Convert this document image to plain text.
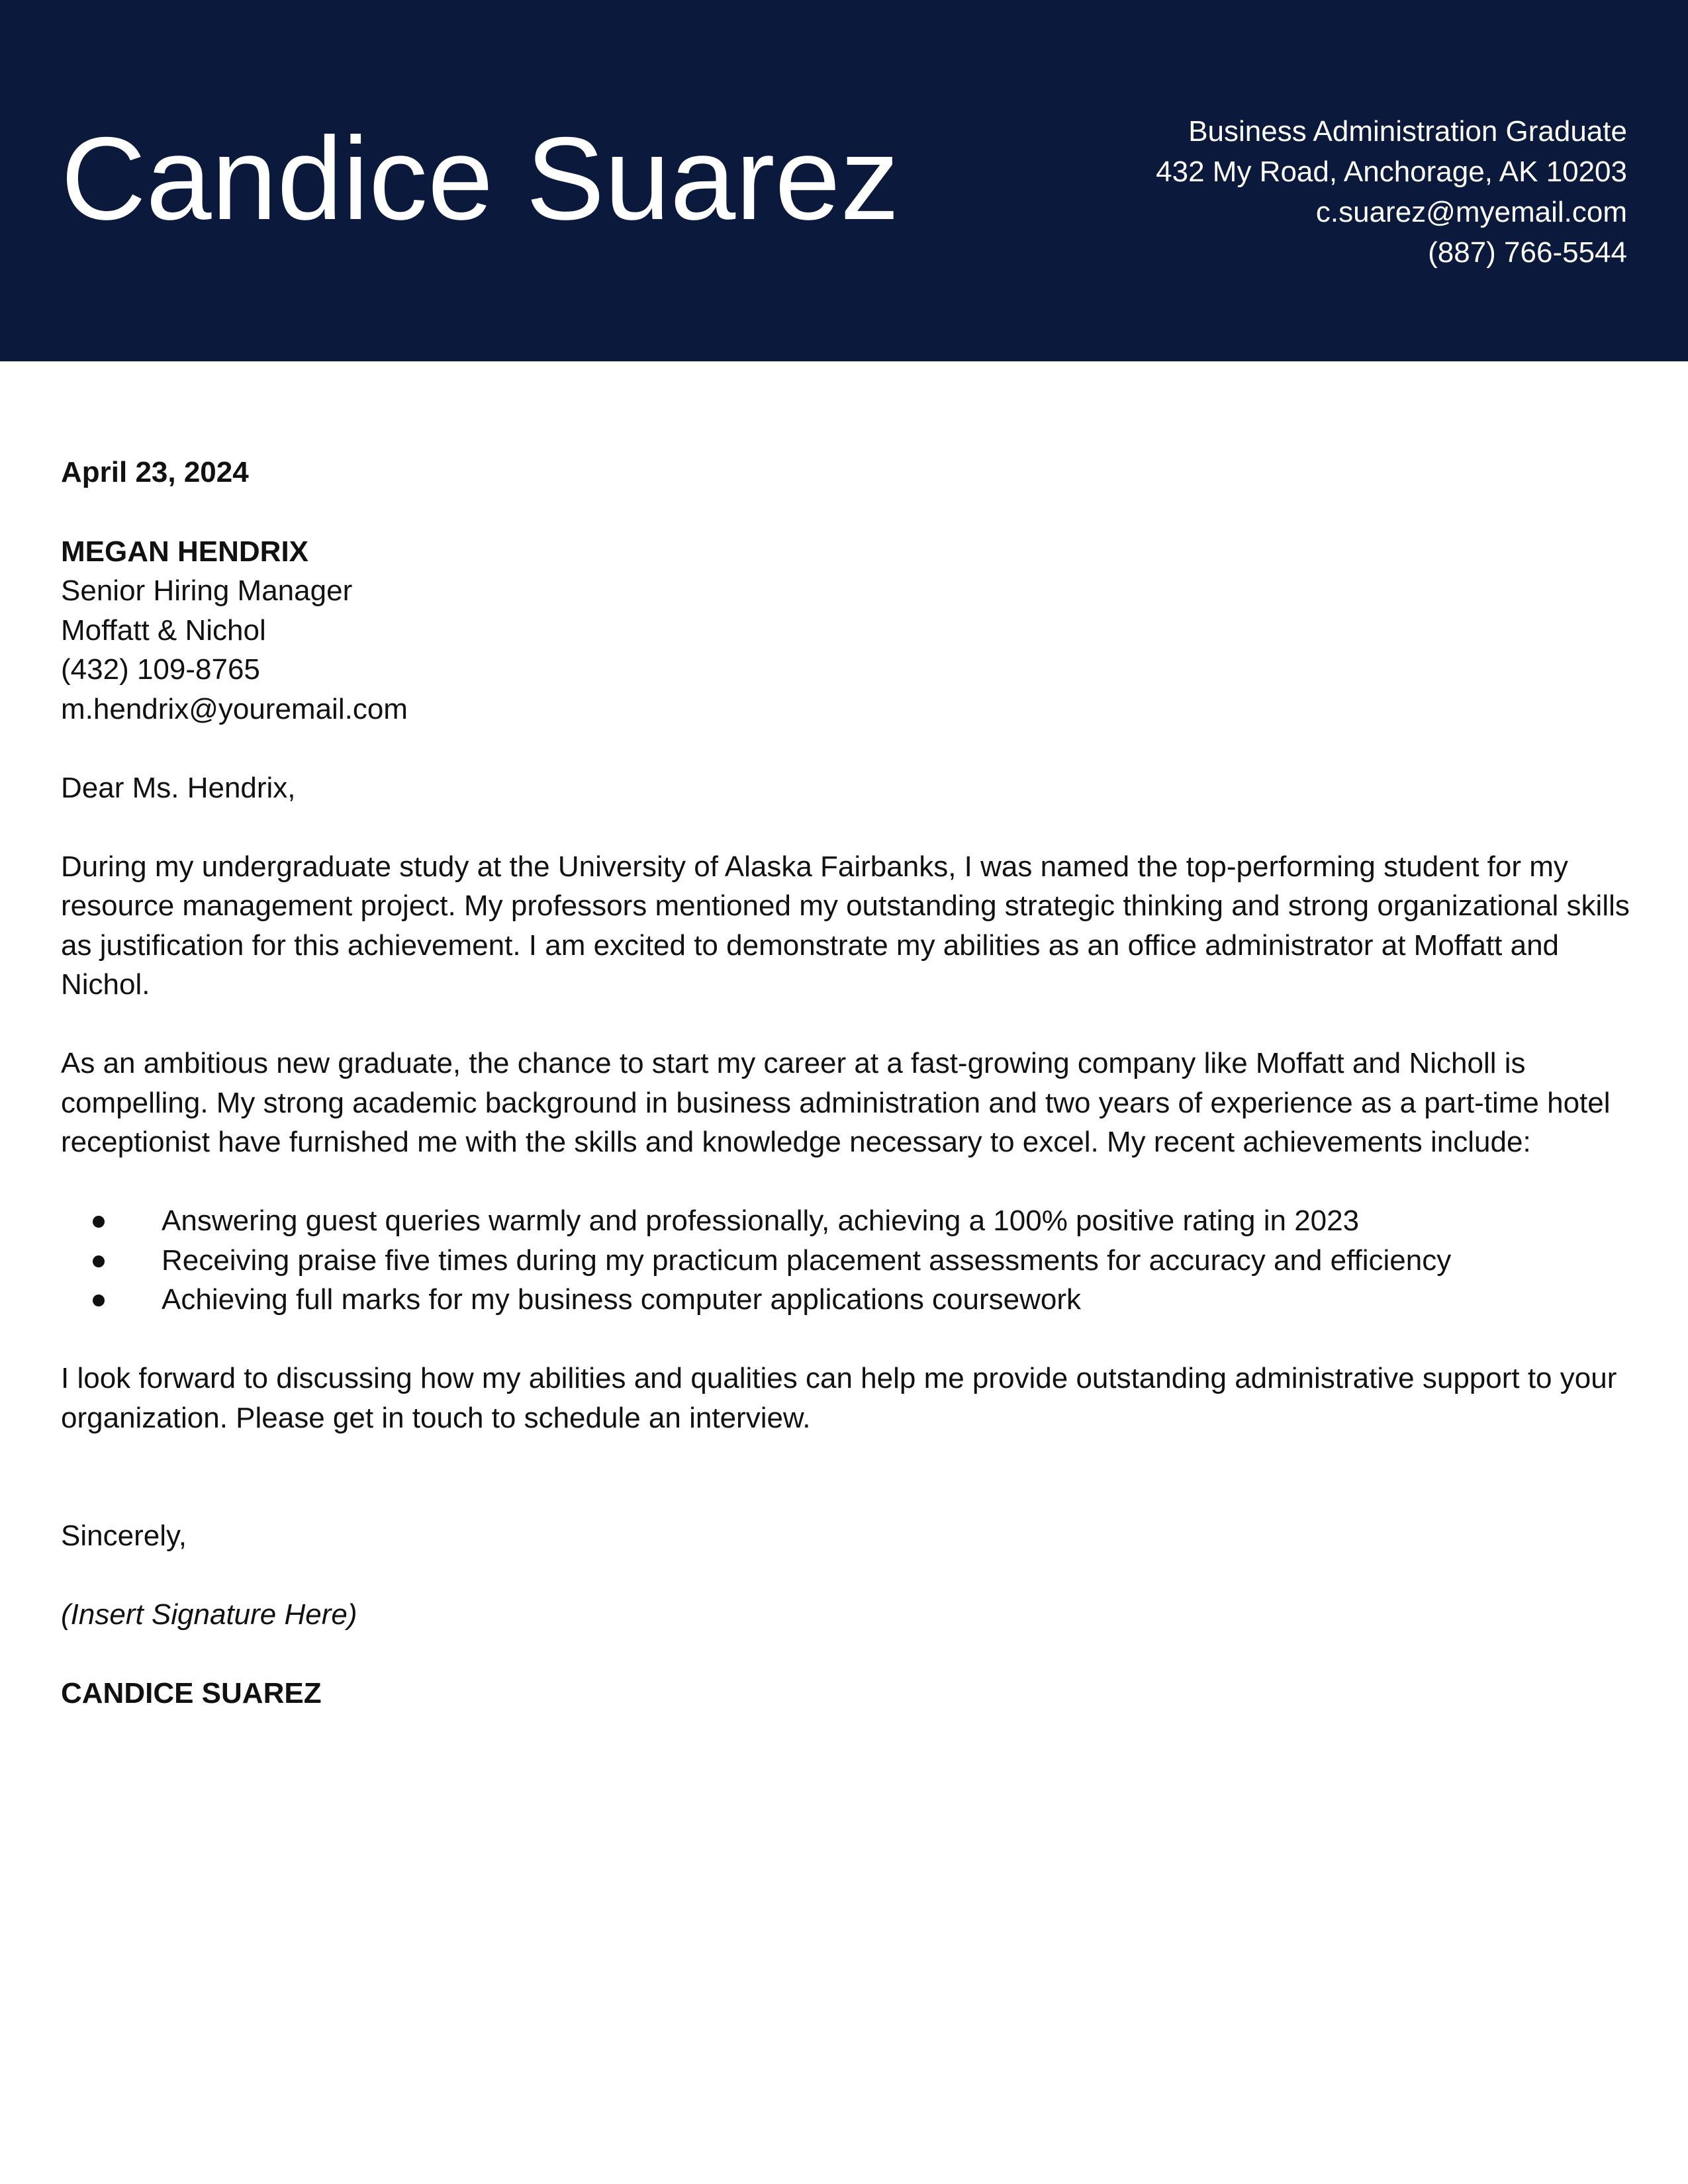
Candice Suarez	Business Administration Graduate
432 My Road, Anchorage, AK 10203
c.suarez@myemail.com
(887) 766-5544
April 23, 2024
MEGAN HENDRIX
Senior Hiring Manager
Moffatt & Nichol
(432) 109-8765
m.hendrix@youremail.com

Dear Ms. Hendrix,

During my undergraduate study at the University of Alaska Fairbanks, I was named the top-performing student for my resource management project. My professors mentioned my outstanding strategic thinking and strong organizational skills as justification for this achievement. I am excited to demonstrate my abilities as an office administrator at Moffatt and Nichol.

As an ambitious new graduate, the chance to start my career at a fast-growing company like Moffatt and Nicholl is compelling. My strong academic background in business administration and two years of experience as a part-time hotel receptionist have furnished me with the skills and knowledge necessary to excel. My recent achievements include:

Answering guest queries warmly and professionally, achieving a 100% positive rating in 2023
Receiving praise five times during my practicum placement assessments for accuracy and efficiency
Achieving full marks for my business computer applications coursework

I look forward to discussing how my abilities and qualities can help me provide outstanding administrative support to your organization. Please get in touch to schedule an interview.

Sincerely,

(Insert Signature Here)

CANDICE SUAREZ
